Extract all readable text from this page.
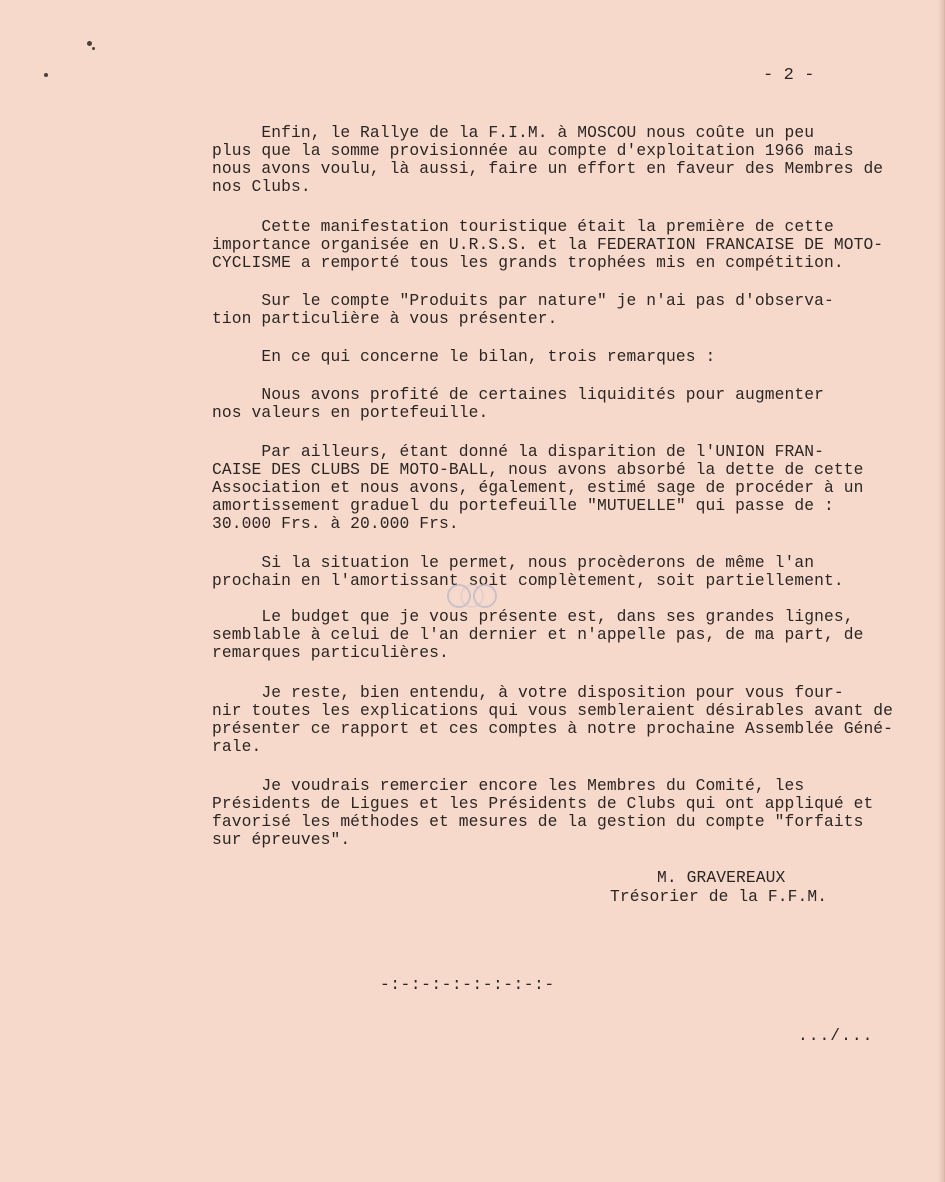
- 2 -
Enfin, le Rallye de la F.I.M. à MOSCOU nous coûte un peu
plus que la somme provisionnée au compte d'exploitation 1966 mais
nous avons voulu, là aussi, faire un effort en faveur des Membres de
nos Clubs.
Cette manifestation touristique était la première de cette
importance organisée en U.R.S.S. et la FEDERATION FRANCAISE DE MOTO-
CYCLISME a remporté tous les grands trophées mis en compétition.
Sur le compte "Produits par nature" je n'ai pas d'observa-
tion particulière à vous présenter.
En ce qui concerne le bilan, trois remarques :
Nous avons profité de certaines liquidités pour augmenter
nos valeurs en portefeuille.
Par ailleurs, étant donné la disparition de l'UNION FRAN-
CAISE DES CLUBS DE MOTO-BALL, nous avons absorbé la dette de cette
Association et nous avons, également, estimé sage de procéder à un
amortissement graduel du portefeuille "MUTUELLE" qui passe de :
30.000 Frs. à 20.000 Frs.
Si la situation le permet, nous procèderons de même l'an
prochain en l'amortissant soit complètement, soit partiellement.
Le budget que je vous présente est, dans ses grandes lignes,
semblable à celui de l'an dernier et n'appelle pas, de ma part, de
remarques particulières.
Je reste, bien entendu, à votre disposition pour vous four-
nir toutes les explications qui vous sembleraient désirables avant de
présenter ce rapport et ces comptes à notre prochaine Assemblée Géné-
rale.
Je voudrais remercier encore les Membres du Comité, les
Présidents de Ligues et les Présidents de Clubs qui ont appliqué et
favorisé les méthodes et mesures de la gestion du compte "forfaits
sur épreuves".
M. GRAVEREAUX
Trésorier de la F.F.M.
-:-:-:-:-:-:-:-:-
.../...
